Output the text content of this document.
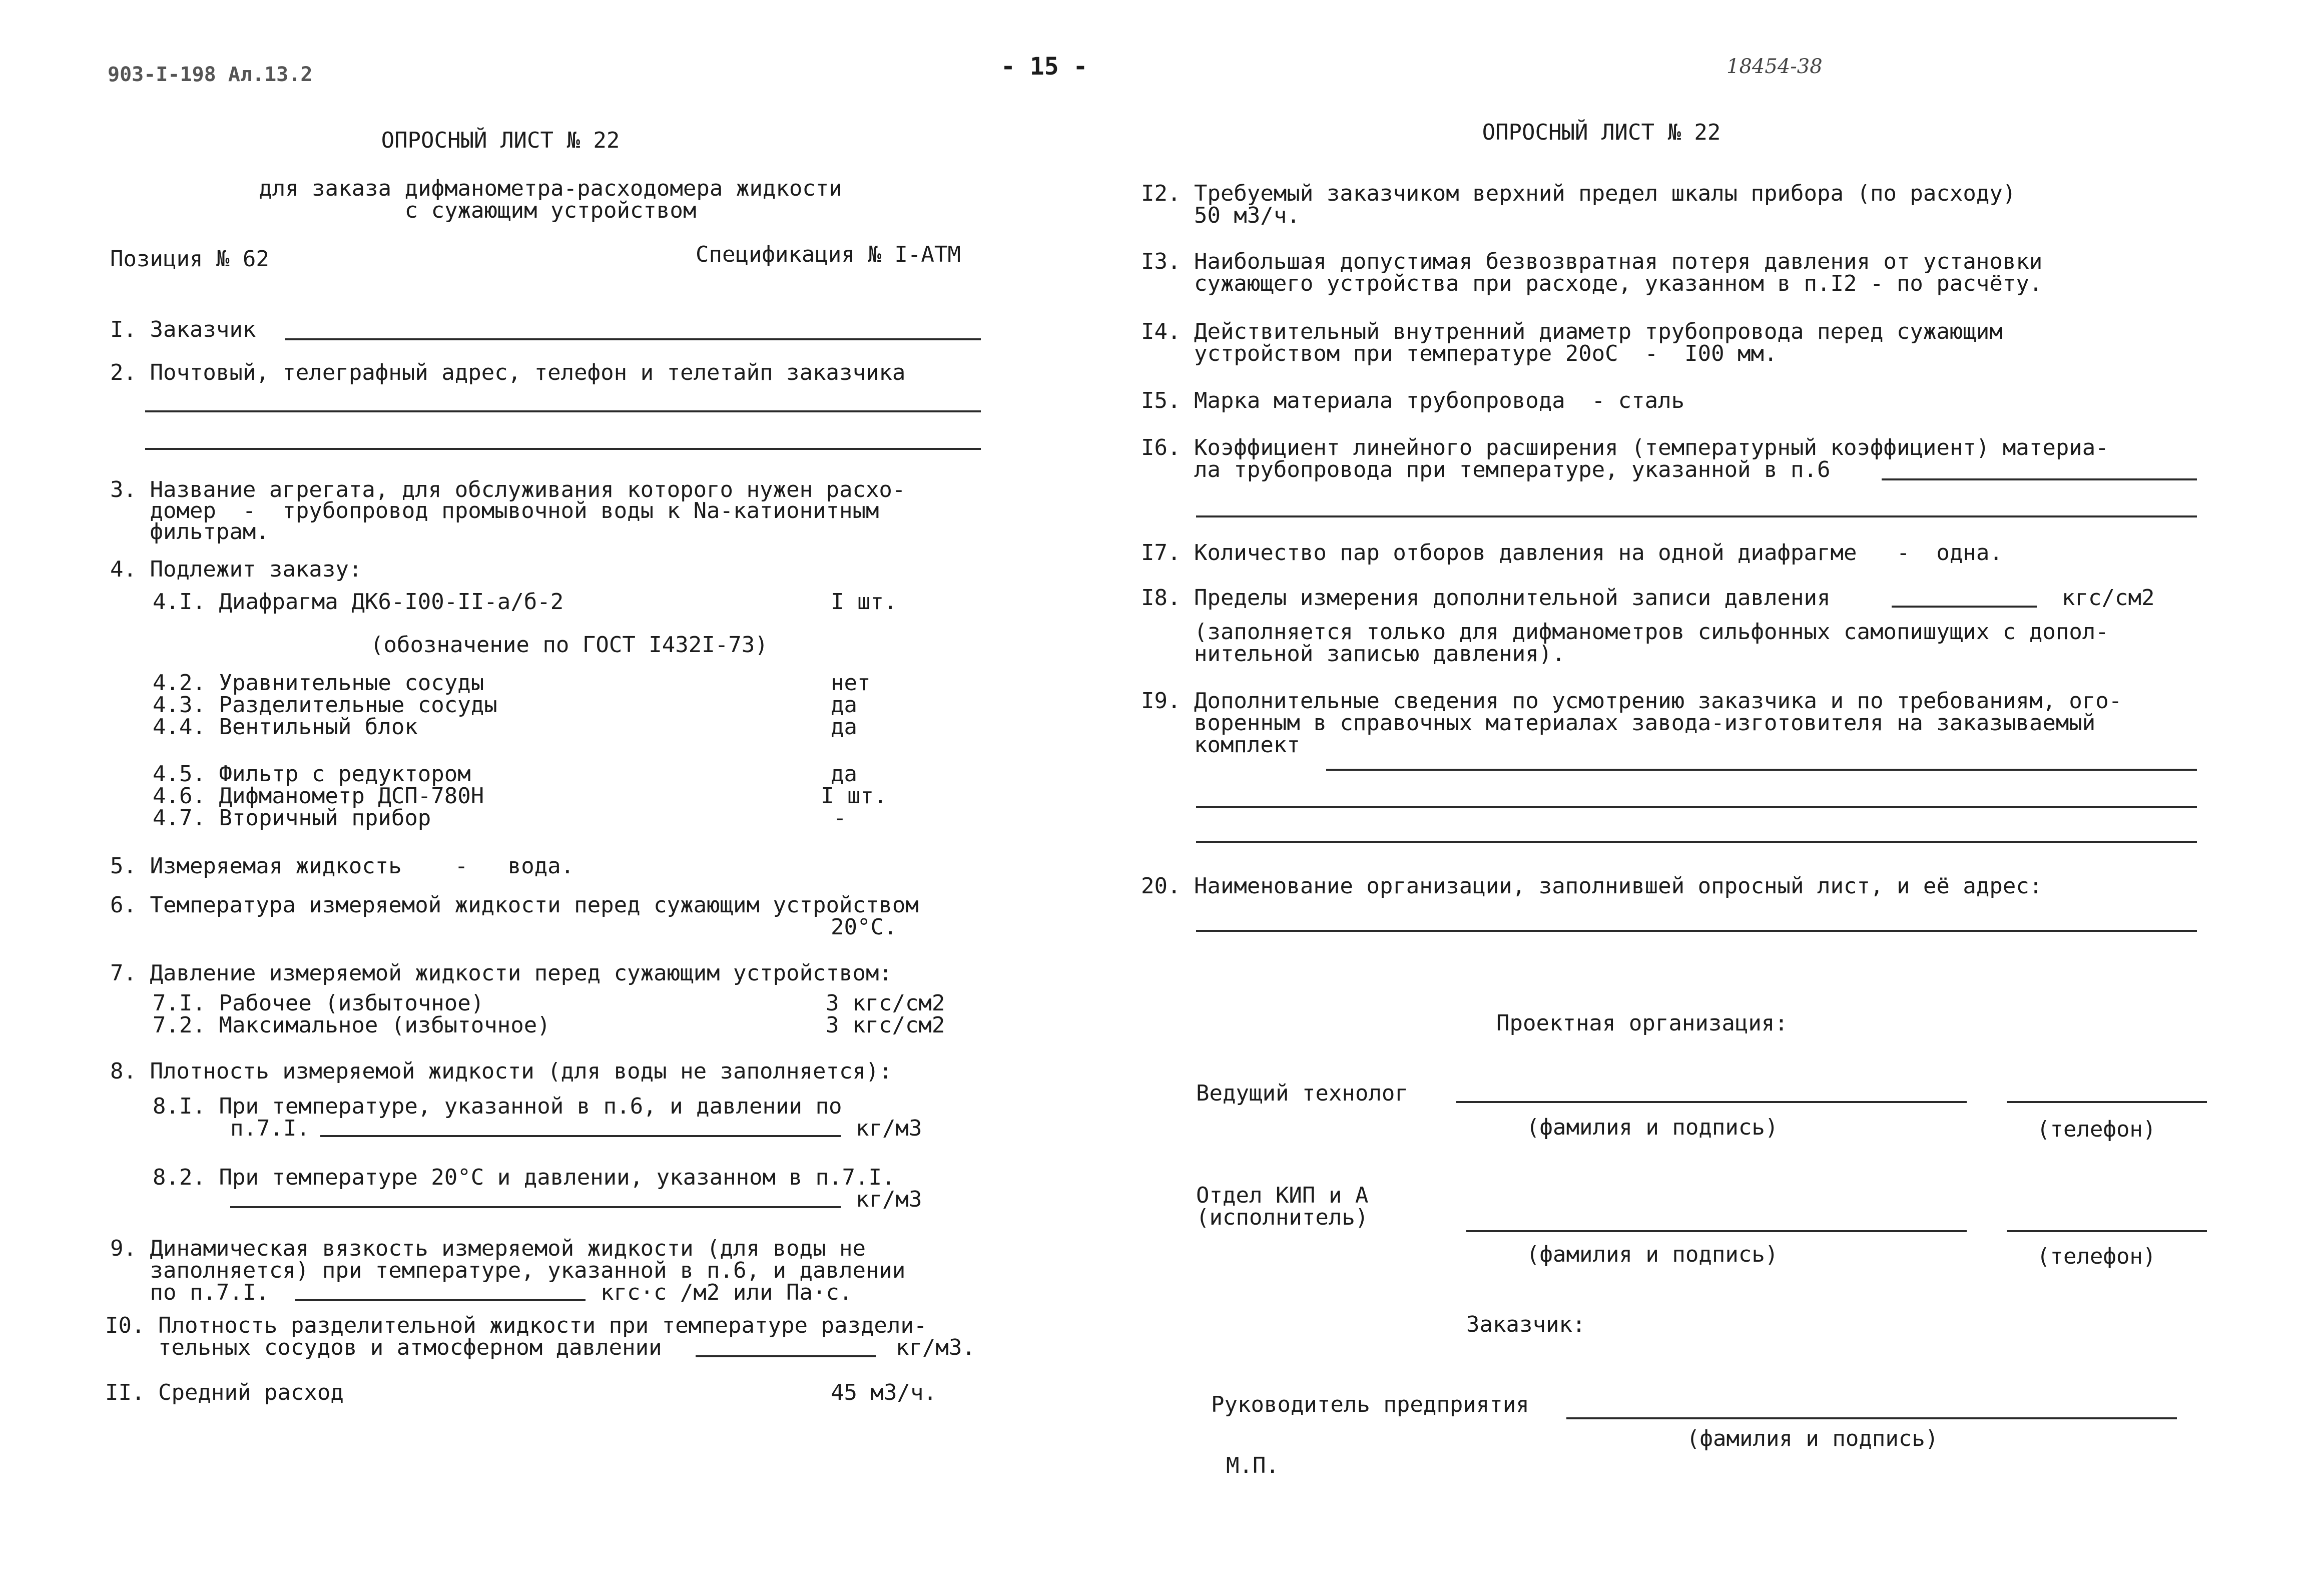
903-I-198 Ал.13.2	- 15 -	18454-38
ОПРОСНЫЙ ЛИСТ № 22
для заказа дифманометра-расходомера жидкости
с сужающим устройством
Позиция № 62	Спецификация № I-АТМ
I. Заказчик
2. Почтовый, телеграфный адрес, телефон и телетайп заказчика
3. Название агрегата, для обслуживания которого нужен расхо-
домер  -  трубопровод промывочной воды к Na-катионитным
фильтрам.
4. Подлежит заказу:
4.I. Диафрагма ДК6-I00-II-а/б-2	I шт.
(обозначение по ГОСТ I432I-73)
4.2. Уравнительные сосуды	нет
4.3. Разделительные сосуды	да
4.4. Вентильный блок	да
4.5. Фильтр с редуктором	да
4.6. Дифманометр ДСП-780Н	I шт.
4.7. Вторичный прибор	-
5. Измеряемая жидкость    -   вода.
6. Температура измеряемой жидкости перед сужающим устройством
20°С.
7. Давление измеряемой жидкости перед сужающим устройством:
7.I. Рабочее (избыточное)	3 кгс/см2
7.2. Максимальное (избыточное)	3 кгс/см2
8. Плотность измеряемой жидкости (для воды не заполняется):
8.I. При температуре, указанной в п.6, и давлении по
п.7.I.	кг/м3
8.2. При температуре 20°С и давлении, указанном в п.7.I.
кг/м3
9. Динамическая вязкость измеряемой жидкости (для воды не
заполняется) при температуре, указанной в п.6, и давлении
по п.7.I.	кгс·с /м2 или Па·с.
I0. Плотность разделительной жидкости при температуре раздели-
тельных сосудов и атмосферном давлении	кг/м3.
II. Средний расход	45 м3/ч.
ОПРОСНЫЙ ЛИСТ № 22
I2. Требуемый заказчиком верхний предел шкалы прибора (по расходу)
50 м3/ч.
I3. Наибольшая допустимая безвозвратная потеря давления от установки
сужающего устройства при расходе, указанном в п.I2 - по расчёту.
I4. Действительный внутренний диаметр трубопровода перед сужающим
устройством при температуре 20оС  -  I00 мм.
I5. Марка материала трубопровода  - сталь
I6. Коэффициент линейного расширения (температурный коэффициент) материа-
ла трубопровода при температуре, указанной в п.6
I7. Количество пар отборов давления на одной диафрагме   -  одна.
I8. Пределы измерения дополнительной записи давления	кгс/см2
(заполняется только для дифманометров сильфонных самопишущих с допол-
нительной записью давления).
I9. Дополнительные сведения по усмотрению заказчика и по требованиям, ого-
воренным в справочных материалах завода-изготовителя на заказываемый
комплект
20. Наименование организации, заполнившей опросный лист, и её адрес:
Проектная организация:
Ведущий технолог
(фамилия и подпись)	(телефон)
Отдел КИП и А
(исполнитель)
(фамилия и подпись)	(телефон)
Заказчик:
Руководитель предприятия
(фамилия и подпись)
М.П.
